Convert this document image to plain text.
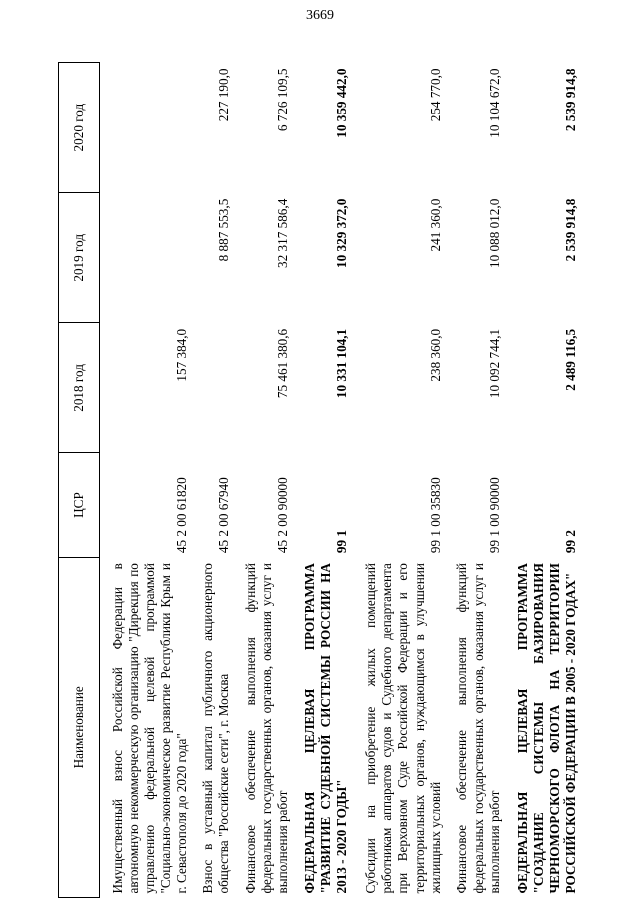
3669
Наименование	ЦСР	2018 год	2019 год	2020 год
Имущественный взнос Российской Федерации в автономную некоммерческую организацию "Дирекция по управлению федеральной целевой программой "Социально-экономическое развитие Республики Крым и г. Севастополя до 2020 года"	45 2 00 61820	157 384,0		
Взнос в уставный капитал публичного акционерного общества "Российские сети", г. Москва	45 2 00 67940		8 887 553,5	227 190,0
Финансовое обеспечение выполнения функций федеральных государственных органов, оказания услуг и выполнения работ	45 2 00 90000	75 461 380,6	32 317 586,4	6 726 109,5
ФЕДЕРАЛЬНАЯ ЦЕЛЕВАЯ ПРОГРАММА "РАЗВИТИЕ СУДЕБНОЙ СИСТЕМЫ РОССИИ НА 2013 - 2020 ГОДЫ"	99 1	10 331 104,1	10 329 372,0	10 359 442,0
Субсидии на приобретение жилых помещений работникам аппаратов судов и Судебного департамента при Верховном Суде Российской Федерации и его территориальных органов, нуждающимся в улучшении жилищных условий	99 1 00 35830	238 360,0	241 360,0	254 770,0
Финансовое обеспечение выполнения функций федеральных государственных органов, оказания услуг и выполнения работ	99 1 00 90000	10 092 744,1	10 088 012,0	10 104 672,0
ФЕДЕРАЛЬНАЯ ЦЕЛЕВАЯ ПРОГРАММА "СОЗДАНИЕ СИСТЕМЫ БАЗИРОВАНИЯ ЧЕРНОМОРСКОГО ФЛОТА НА ТЕРРИТОРИИ РОССИЙСКОЙ ФЕДЕРАЦИИ В 2005 - 2020 ГОДАХ"	99 2	2 489 116,5	2 539 914,8	2 539 914,8
